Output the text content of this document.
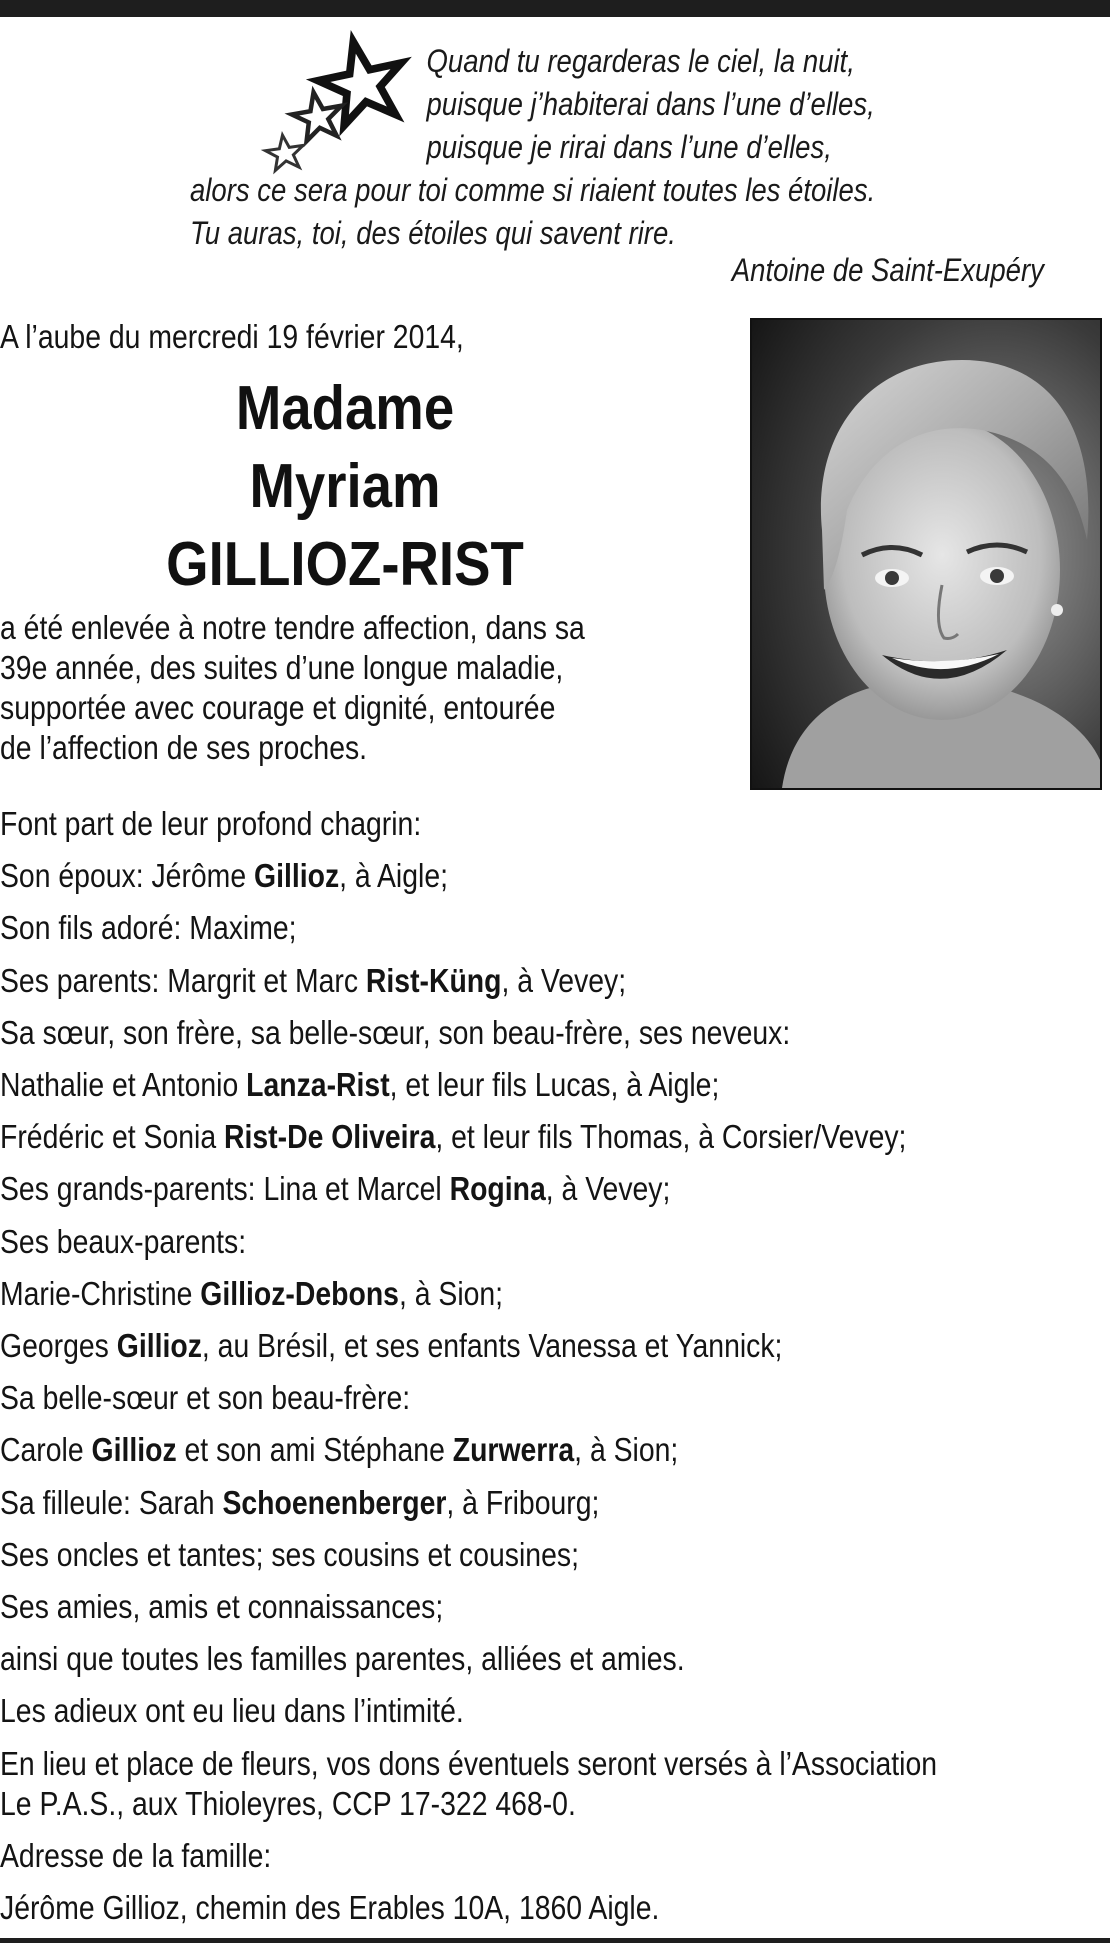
Quand tu regarderas le ciel, la nuit,
puisque j’habiterai dans l’une d’elles,
puisque je rirai dans l’une d’elles,
alors ce sera pour toi comme si riaient toutes les étoiles.
Tu auras, toi, des étoiles qui savent rire.
Antoine de Saint-Exupéry
A l’aube du mercredi 19 février 2014,
Madame
Myriam
GILLIOZ-RIST
a été enlevée à notre tendre affection, dans sa
39e année, des suites d’une longue maladie,
supportée avec courage et dignité, entourée
de l’affection de ses proches.
Font part de leur profond chagrin:
Son époux: Jérôme Gillioz, à Aigle;
Son fils adoré: Maxime;
Ses parents: Margrit et Marc Rist-Küng, à Vevey;
Sa sœur, son frère, sa belle-sœur, son beau-frère, ses neveux:
Nathalie et Antonio Lanza-Rist, et leur fils Lucas, à Aigle;
Frédéric et Sonia Rist-De Oliveira, et leur fils Thomas, à Corsier/Vevey;
Ses grands-parents: Lina et Marcel Rogina, à Vevey;
Ses beaux-parents:
Marie-Christine Gillioz-Debons, à Sion;
Georges Gillioz, au Brésil, et ses enfants Vanessa et Yannick;
Sa belle-sœur et son beau-frère:
Carole Gillioz et son ami Stéphane Zurwerra, à Sion;
Sa filleule: Sarah Schoenenberger, à Fribourg;
Ses oncles et tantes; ses cousins et cousines;
Ses amies, amis et connaissances;
ainsi que toutes les familles parentes, alliées et amies.
Les adieux ont eu lieu dans l’intimité.
En lieu et place de fleurs, vos dons éventuels seront versés à l’Association
Le P.A.S., aux Thioleyres, CCP 17-322 468-0.
Adresse de la famille:
Jérôme Gillioz, chemin des Erables 10A, 1860 Aigle.
